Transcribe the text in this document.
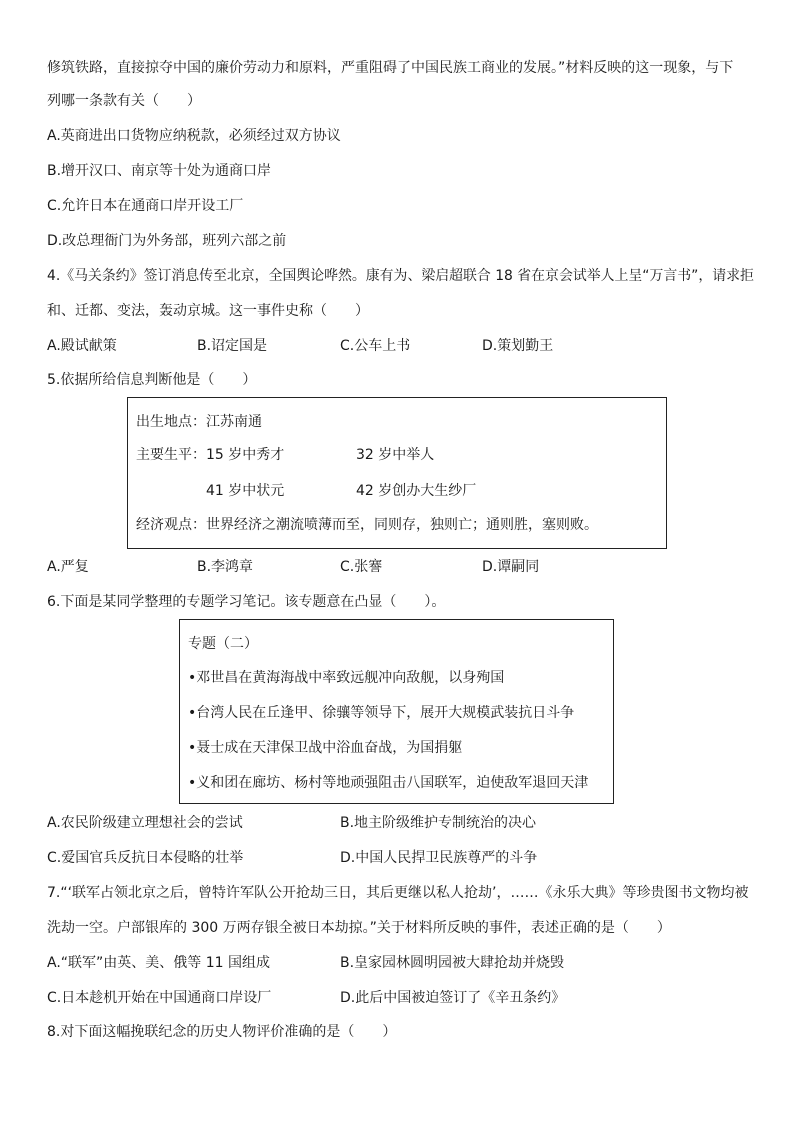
修筑铁路，直接掠夺中国的廉价劳动力和原料，严重阻碍了中国民族工商业的发展。”材料反映的这一现象，与下
列哪一条款有关（　　）
A.英商进出口货物应纳税款，必须经过双方协议
B.增开汉口、南京等十处为通商口岸
C.允许日本在通商口岸开设工厂
D.改总理衙门为外务部，班列六部之前
4.《马关条约》签订消息传至北京，全国舆论哗然。康有为、梁启超联合 18 省在京会试举人上呈“万言书”，请求拒
和、迁都、变法，轰动京城。这一事件史称（　　）
A.殿试献策	B.诏定国是	C.公车上书	D.策划勤王
5.依据所给信息判断他是（　　）
出生地点：江苏南通
主要生平：15 岁中秀才	32 岁中举人
41 岁中状元	42 岁创办大生纱厂
经济观点：世界经济之潮流喷薄而至，同则存，独则亡；通则胜，塞则败。
A.严复	B.李鸿章	C.张謇	D.谭嗣同
6.下面是某同学整理的专题学习笔记。该专题意在凸显（　　）。
专题（二）
•邓世昌在黄海海战中率致远舰冲向敌舰，以身殉国
•台湾人民在丘逢甲、徐骧等领导下，展开大规模武装抗日斗争
•聂士成在天津保卫战中浴血奋战，为国捐躯
•义和团在廊坊、杨村等地顽强阻击八国联军，迫使敌军退回天津
A.农民阶级建立理想社会的尝试	B.地主阶级维护专制统治的决心
C.爱国官兵反抗日本侵略的壮举	D.中国人民捍卫民族尊严的斗争
7.“‘联军占领北京之后，曾特许军队公开抢劫三日，其后更继以私人抢劫’，……《永乐大典》等珍贵图书文物均被
洗劫一空。户部银库的 300 万两存银全被日本劫掠。”关于材料所反映的事件，表述正确的是（　　）
A.“联军”由英、美、俄等 11 国组成	B.皇家园林圆明园被大肆抢劫并烧毁
C.日本趁机开始在中国通商口岸设厂	D.此后中国被迫签订了《辛丑条约》
8.对下面这幅挽联纪念的历史人物评价准确的是（　　）
